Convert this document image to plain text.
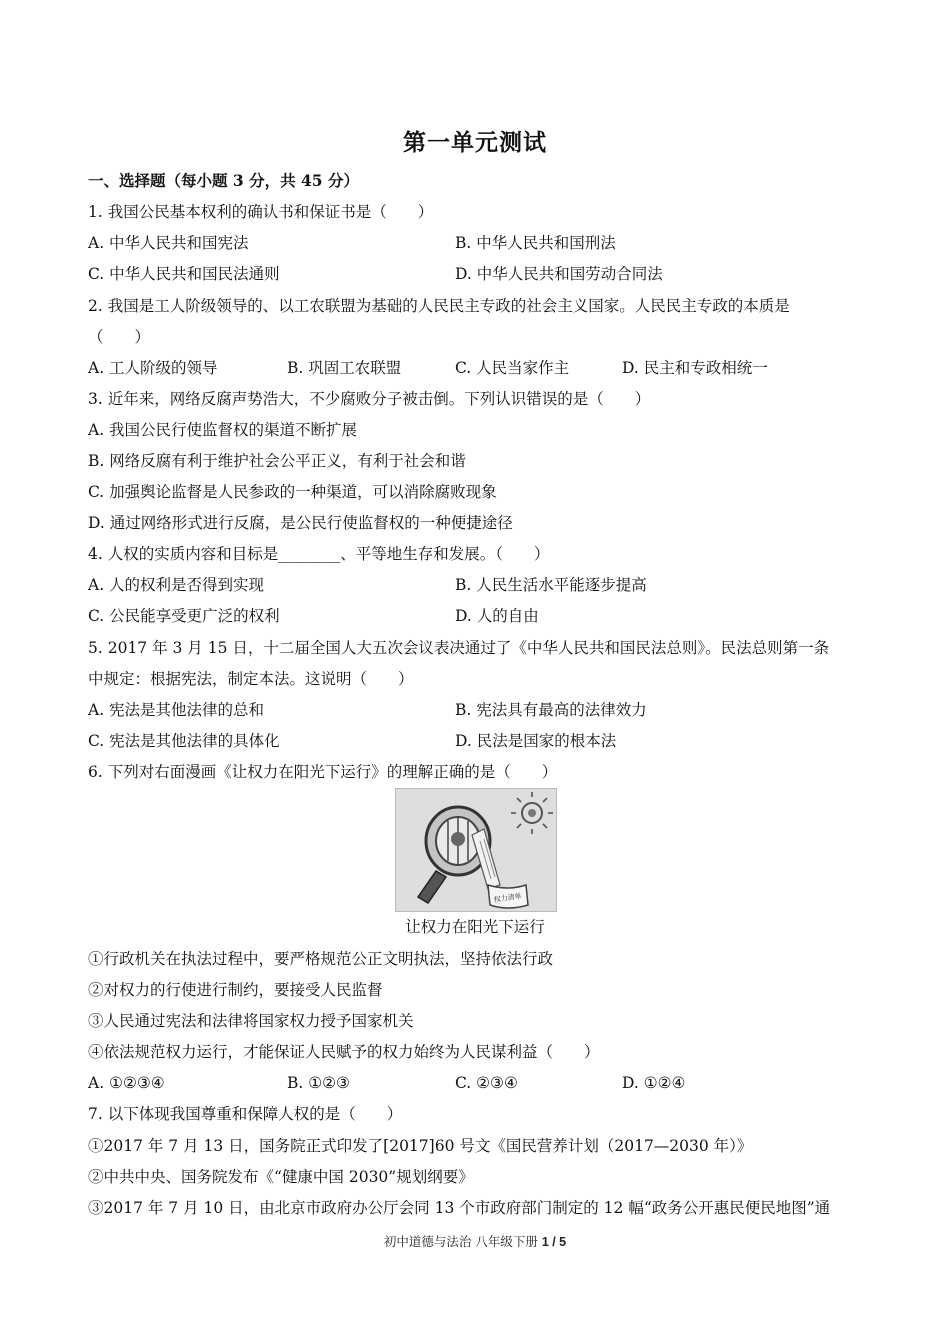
第一单元测试
一、选择题（每小题 3 分，共 45 分）
1. 我国公民基本权利的确认书和保证书是（　　）
A. 中华人民共和国宪法	B. 中华人民共和国刑法
C. 中华人民共和国民法通则	D. 中华人民共和国劳动合同法
2. 我国是工人阶级领导的、以工农联盟为基础的人民民主专政的社会主义国家。人民民主专政的本质是
（　　）
A. 工人阶级的领导	B. 巩固工农联盟	C. 人民当家作主	D. 民主和专政相统一
3. 近年来，网络反腐声势浩大，不少腐败分子被击倒。下列认识错误的是（　　）
A. 我国公民行使监督权的渠道不断扩展
B. 网络反腐有利于维护社会公平正义，有利于社会和谐
C. 加强舆论监督是人民参政的一种渠道，可以消除腐败现象
D. 通过网络形式进行反腐，是公民行使监督权的一种便捷途径
4. 人权的实质内容和目标是________、平等地生存和发展。（　　）
A. 人的权利是否得到实现	B. 人民生活水平能逐步提高
C. 公民能享受更广泛的权利	D. 人的自由
5. 2017 年 3 月 15 日，十二届全国人大五次会议表决通过了《中华人民共和国民法总则》。民法总则第一条
中规定：根据宪法，制定本法。这说明（　　）
A. 宪法是其他法律的总和	B. 宪法具有最高的法律效力
C. 宪法是其他法律的具体化	D. 民法是国家的根本法
6. 下列对右面漫画《让权力在阳光下运行》的理解正确的是（　　）
权力清单
让权力在阳光下运行
①行政机关在执法过程中，要严格规范公正文明执法，坚持依法行政
②对权力的行使进行制约，要接受人民监督
③人民通过宪法和法律将国家权力授予国家机关
④依法规范权力运行，才能保证人民赋予的权力始终为人民谋利益（　　）
A. ①②③④	B. ①②③	C. ②③④	D. ①②④
7. 以下体现我国尊重和保障人权的是（　　）
①2017 年 7 月 13 日，国务院正式印发了[2017]60 号文《国民营养计划（2017—2030 年）》
②中共中央、国务院发布《“健康中国 2030”规划纲要》
③2017 年 7 月 10 日，由北京市政府办公厅会同 13 个市政府部门制定的 12 幅“政务公开惠民便民地图”通
初中道德与法治 八年级下册 1 / 5
